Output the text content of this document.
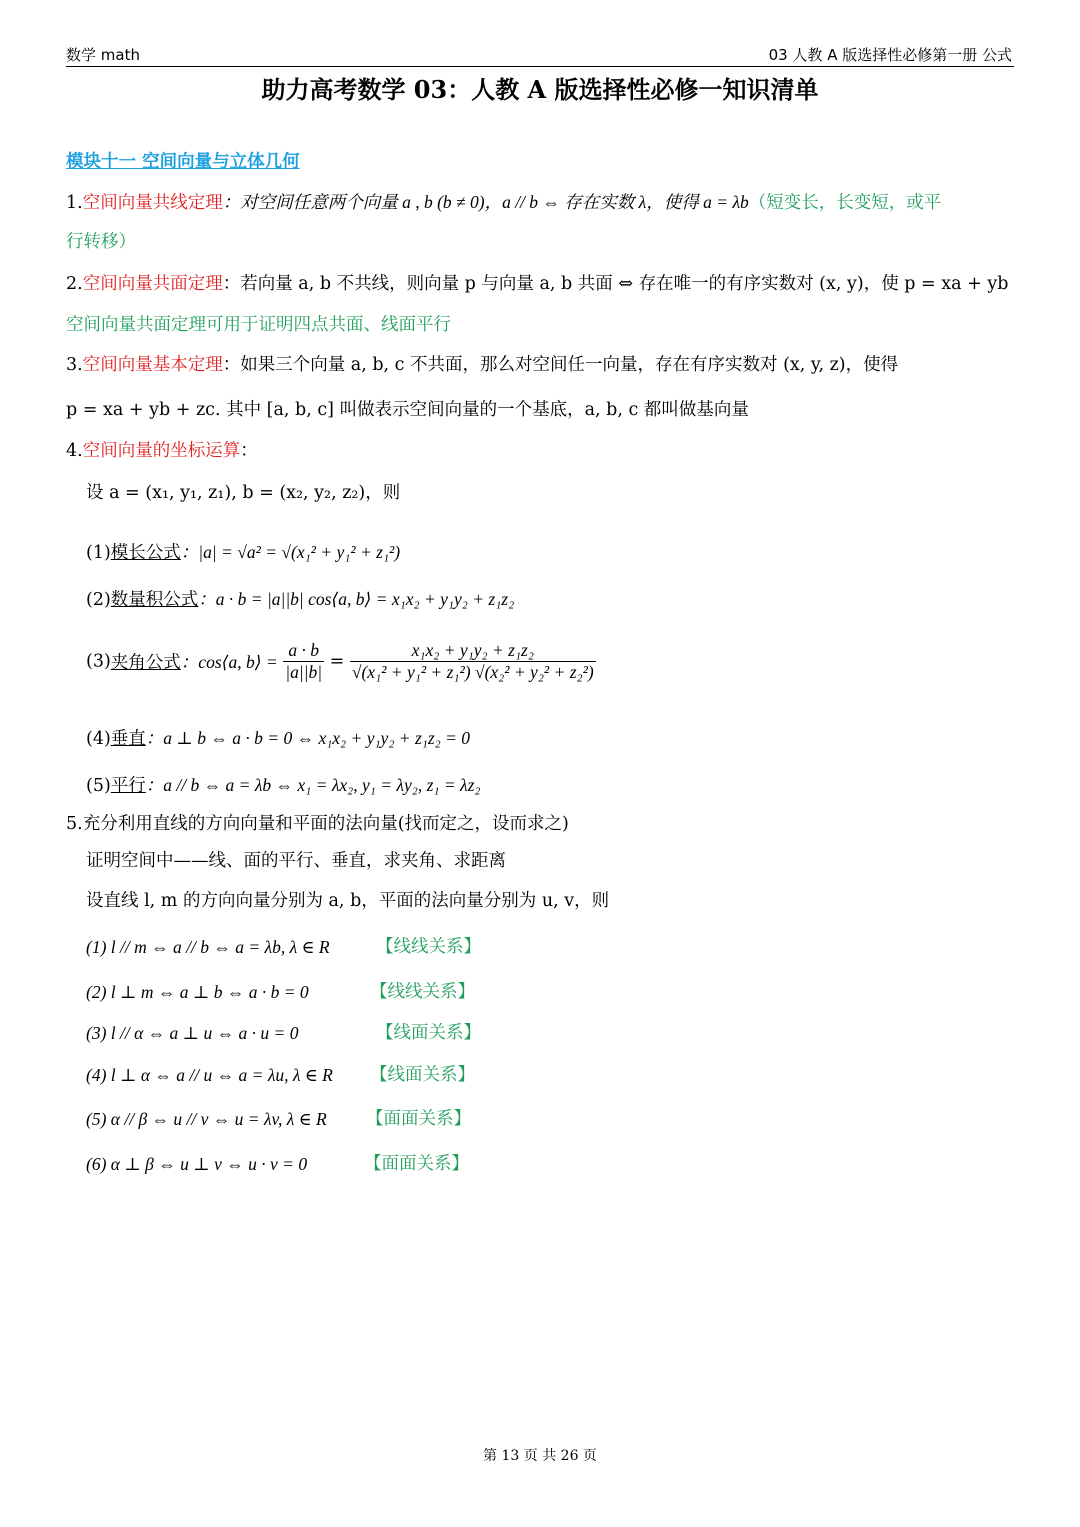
数学 math	03 人教 A 版选择性必修第一册 公式
助力高考数学 03：人教 A 版选择性必修一知识清单
模块十一 空间向量与立体几何
1.空间向量共线定理：对空间任意两个向量 a , b (b ≠ 0)，a // b ⇔ 存在实数 λ，使得 a = λb（短变长，长变短，或平
行转移）
2.空间向量共面定理：若向量 a, b 不共线，则向量 p 与向量 a, b 共面 ⇔ 存在唯一的有序实数对 (x, y)，使 p = xa + yb
空间向量共面定理可用于证明四点共面、线面平行
3.空间向量基本定理：如果三个向量 a, b, c 不共面，那么对空间任一向量，存在有序实数对 (x, y, z)，使得
p = xa + yb + zc. 其中 [a, b, c] 叫做表示空间向量的一个基底，a, b, c 都叫做基向量
4.空间向量的坐标运算：
设 a = (x₁, y₁, z₁), b = (x₂, y₂, z₂)，则
(1)模长公式：|a| = √a² = √(x₁² + y₁² + z₁²)
(2)数量积公式：a · b = |a||b| cos⟨a, b⟩ = x₁x₂ + y₁y₂ + z₁z₂
(3)夹角公式：cos⟨a, b⟩ = $\frac{a \cdot b}{|a||b|} = \frac{\text{x₁x₂ + y₁y₂ + z₁z₂}}{\text{√(x₁² + y₁² + z₁²) √(x₂² + y₂² + z₂²)}}$
(4)垂直：a ⊥ b ⇔ a · b = 0 ⇔ x₁x₂ + y₁y₂ + z₁z₂ = 0
(5)平行：a // b ⇔ a = λb ⇔ x₁ = λx₂, y₁ = λy₂, z₁ = λz₂
5.充分利用直线的方向向量和平面的法向量(找而定之，设而求之)
证明空间中——线、面的平行、垂直，求夹角、求距离
设直线 l, m 的方向向量分别为 a, b，平面的法向量分别为 u, v，则
(1) l // m ⇔ a // b ⇔ a = λb, λ ∈ R	【线线关系】
(2) l ⊥ m ⇔ a ⊥ b ⇔ a · b = 0	【线线关系】
(3) l // α ⇔ a ⊥ u ⇔ a · u = 0	【线面关系】
(4) l ⊥ α ⇔ a // u ⇔ a = λu, λ ∈ R 【线面关系】
(5) α // β ⇔ u // v ⇔ u = λv, λ ∈ R 【面面关系】
(6) α ⊥ β ⇔ u ⊥ v ⇔ u · v = 0	【面面关系】
第 13 页 共 26 页
